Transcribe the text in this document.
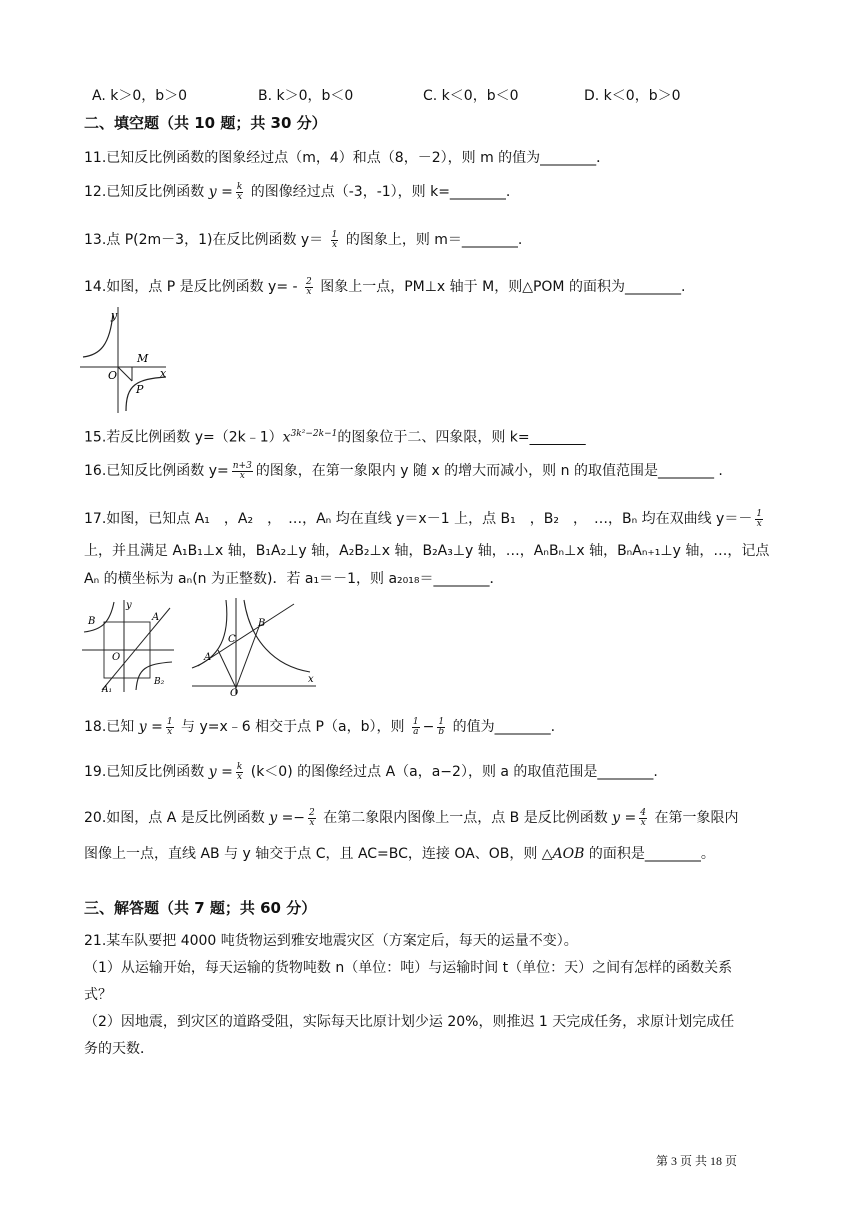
A. k＞0，b＞0	B. k＞0，b＜0	C. k＜0，b＜0	D. k＜0，b＞0
二、填空题（共 10 题；共 30 分）
11.已知反比例函数的图象经过点（m，4）和点（8，－2），则 m 的值为________．
12.已知反比例函数 $y = \frac{k}{x}$ 的图像经过点（-3，-1），则 k=________.
13.点 P(2m－3，1)在反比例函数 $y= \frac{1}{x}$ 的图象上，则 m＝________.
14.如图，点 P 是反比例函数 $y= - \frac{2}{x}$ 图象上一点，PM⊥x 轴于 M，则△POM 的面积为________.
y
x
O
M
P
15.若反比例函数 $y=(2k﹣1)x^{3k^2-2k-1}$的图象位于二、四象限，则 k=________
16.已知反比例函数 $y= \frac{n+3}{x}$ 的图象，在第一象限内 y 随 x 的增大而减小，则 n 的取值范围是________ .
17.如图，已知点 A₁　，A₂　，　…，Aₙ 均在直线 y＝x－1 上，点 B₁　，B₂　，　…，Bₙ 均在双曲线 $y=- \frac{1}{x}$
上，并且满足 A₁B₁⊥x 轴，B₁A₂⊥y 轴，A₂B₂⊥x 轴，B₂A₃⊥y 轴，…，AₙBₙ⊥x 轴，BₙAₙ₊₁⊥y 轴，…，记点
Aₙ 的横坐标为 aₙ(n 为正整数)．若 a₁＝－1，则 a₂₀₁₈＝________．
y
B	A
O
A₁
B₂
C
B
A
O
x
18.已知 $y = \frac{1}{x}$ 与 y=x﹣6 相交于点 P（a，b），则 $\frac{1}{a} - \frac{1}{b}$ 的值为________.
19.已知反比例函数 $y = \frac{k}{x} (k<0)$ 的图像经过点 A（a，a−2），则 a 的取值范围是________.
20.如图，点 A 是反比例函数 $y =- \frac{2}{x}$ 在第二象限内图像上一点，点 B 是反比例函数 $y = \frac{4}{x}$ 在第一象限内
图像上一点，直线 AB 与 y 轴交于点 C，且 AC=BC，连接 OA、OB，则 △AOB 的面积是________。
三、解答题（共 7 题；共 60 分）
21.某车队要把 4000 吨货物运到雅安地震灾区（方案定后，每天的运量不变）。
（1）从运输开始，每天运输的货物吨数 n（单位：吨）与运输时间 t（单位：天）之间有怎样的函数关系
式？
（2）因地震，到灾区的道路受阻，实际每天比原计划少运 20%，则推迟 1 天完成任务，求原计划完成任
务的天数．
第 3 页 共 18 页
